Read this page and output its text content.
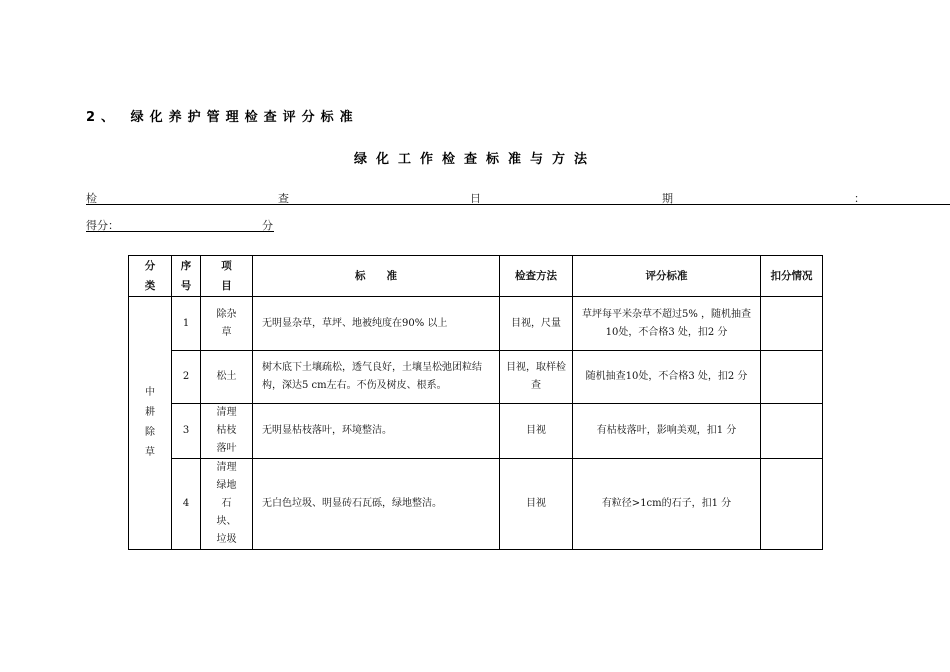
2、 绿化养护管理检查评分标准
绿化工作检查标准与方法
检	查	日	期	：
得分：	分
分类	序号	项目	标　　准	检查方法	评分标准	扣分情况

中耕除草	1	除杂草	无明显杂草，草坪、地被纯度在90% 以上	目视，尺量	草坪每平米杂草不超过5% ，随机抽查10处，不合格3 处，扣2 分	
	2	松土	树木底下土壤疏松，透气良好，土壤呈松弛团粒结构，深达5 cm左右。不伤及树皮、根系。	目视，取样检查	随机抽查10处，不合格3 处，扣2 分	
	3	清理枯枝落叶	无明显枯枝落叶，环境整洁。	目视	有枯枝落叶，影响美观，扣1 分	
	4	清理绿地石块、垃圾	无白色垃圾、明显砖石瓦砾，绿地整洁。	目视	有粒径>1cm的石子，扣1 分	
